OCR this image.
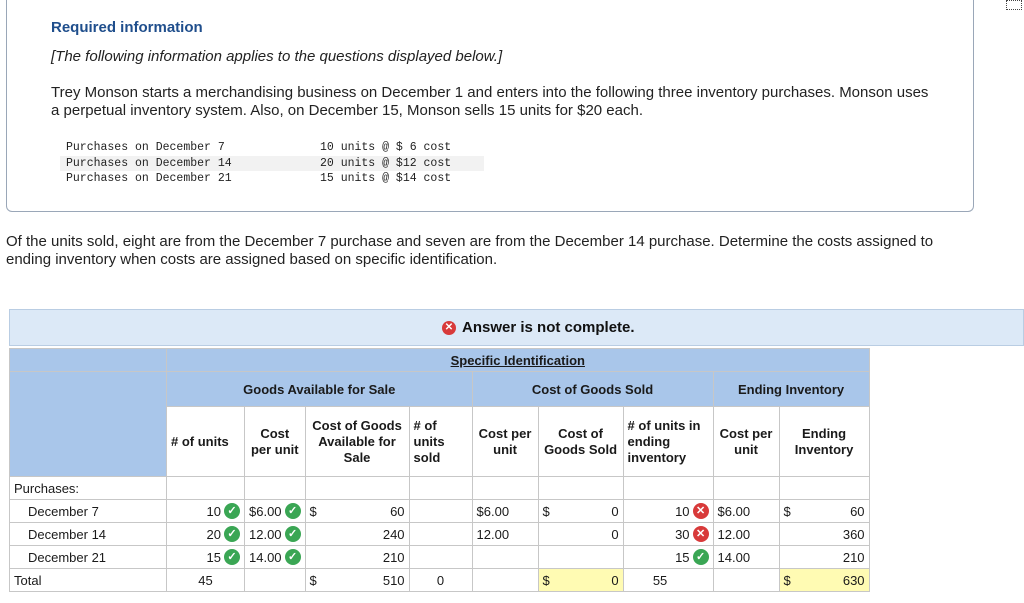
Required information
[The following information applies to the questions displayed below.]
Trey Monson starts a merchandising business on December 1 and enters into the following three inventory purchases. Monson uses a perpetual inventory system. Also, on December 15, Monson sells 15 units for $20 each.
Purchases on December 7	10 units @ $ 6 cost
Purchases on December 14	20 units @ $12 cost
Purchases on December 21	15 units @ $14 cost
Of the units sold, eight are from the December 7 purchase and seven are from the December 14 purchase. Determine the costs assigned to ending inventory when costs are assigned based on specific identification.
✕ Answer is not complete.
	Specific Identification								
	Goods Available for Sale				Cost of Goods Sold			Ending Inventory	
	# of units	Cost per unit	Cost of Goods Available for Sale	# of units sold	Cost per unit	Cost of Goods Sold	# of units in ending inventory	Cost per unit	Ending Inventory
Purchases:									
December 7	10 ✓	$6.00 ✓	$ 60		$6.00	$ 0	10 ✕	$6.00	$ 60

December 14	20 ✓	12.00 ✓	240		12.00	0	30 ✕	12.00	360
December 21	15 ✓	14.00 ✓	210				15 ✓	14.00	210
Total	45		$ 510	0		$ 0	55		$ 630
